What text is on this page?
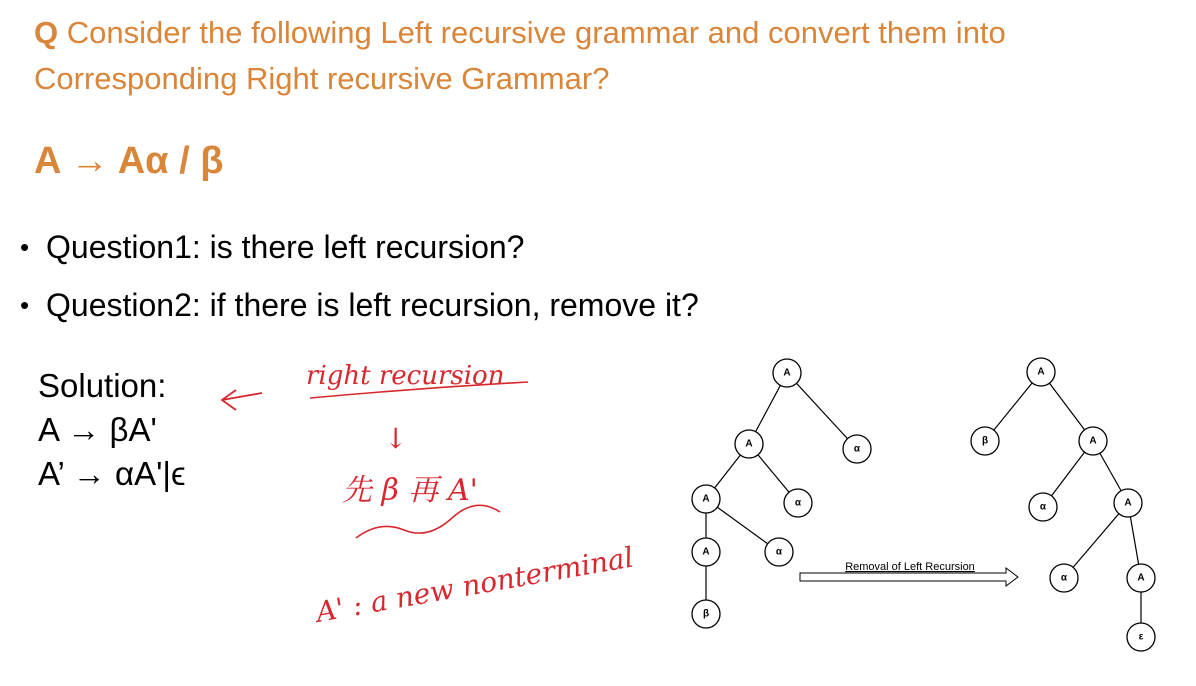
Q Consider the following Left recursive grammar and convert them into Corresponding Right recursive Grammar?
A → Aα / β
• Question1: is there left recursion?
• Question2: if there is left recursion, remove it?
Solution:
A → βA'
A’ → αA'|ϵ
right recursion
↓
先 β 再 A'
A' : a new nonterminal
A
A	α
A	α
A	α
β
Removal of Left Recursion
A
β	A
α	A
α	A
ε
